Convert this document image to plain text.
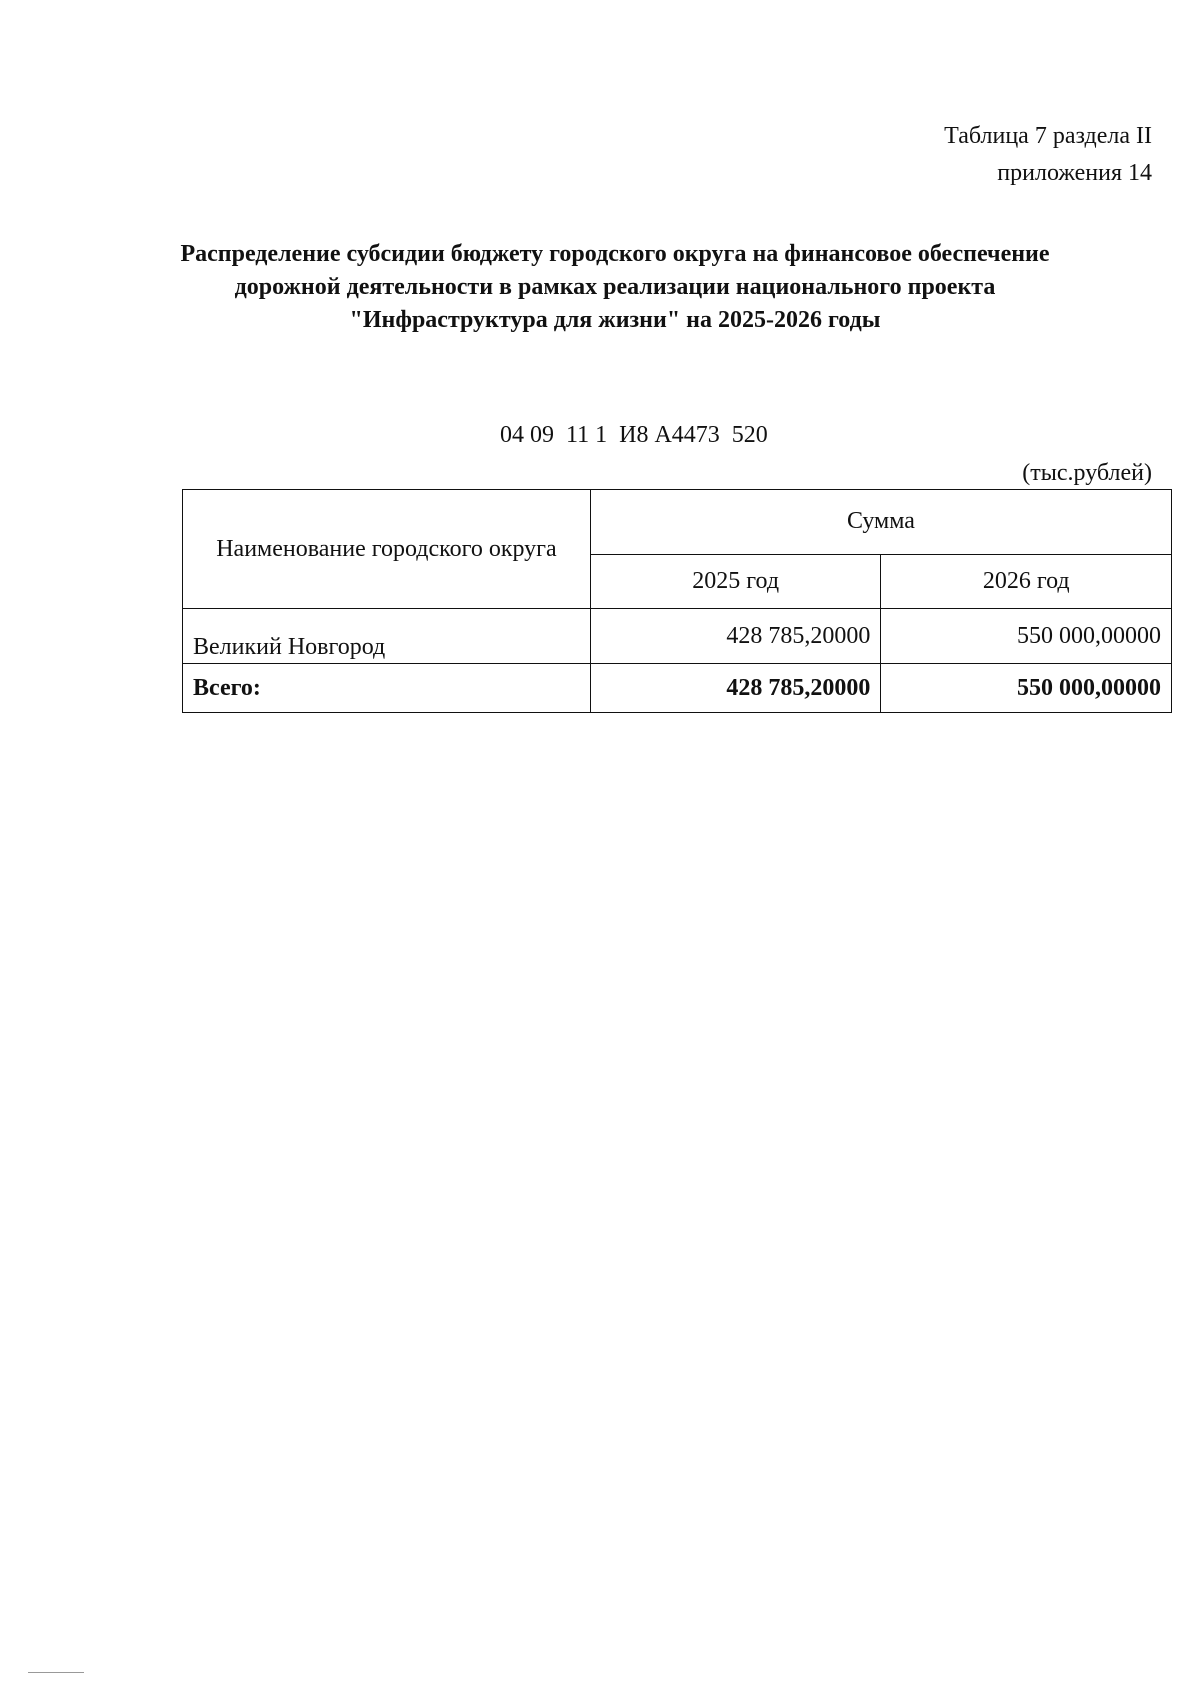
Таблица 7 раздела II
приложения 14
Распределение субсидии бюджету городского округа на финансовое обеспечение дорожной деятельности в рамках реализации национального проекта "Инфраструктура для жизни" на 2025-2026 годы
04 09  11 1  И8 А4473  520
(тыс.рублей)
Наименование городского округа	Сумма	
	2025 год	2026 год
Великий Новгород	428 785,20000	550 000,00000
Всего:	428 785,20000	550 000,00000
